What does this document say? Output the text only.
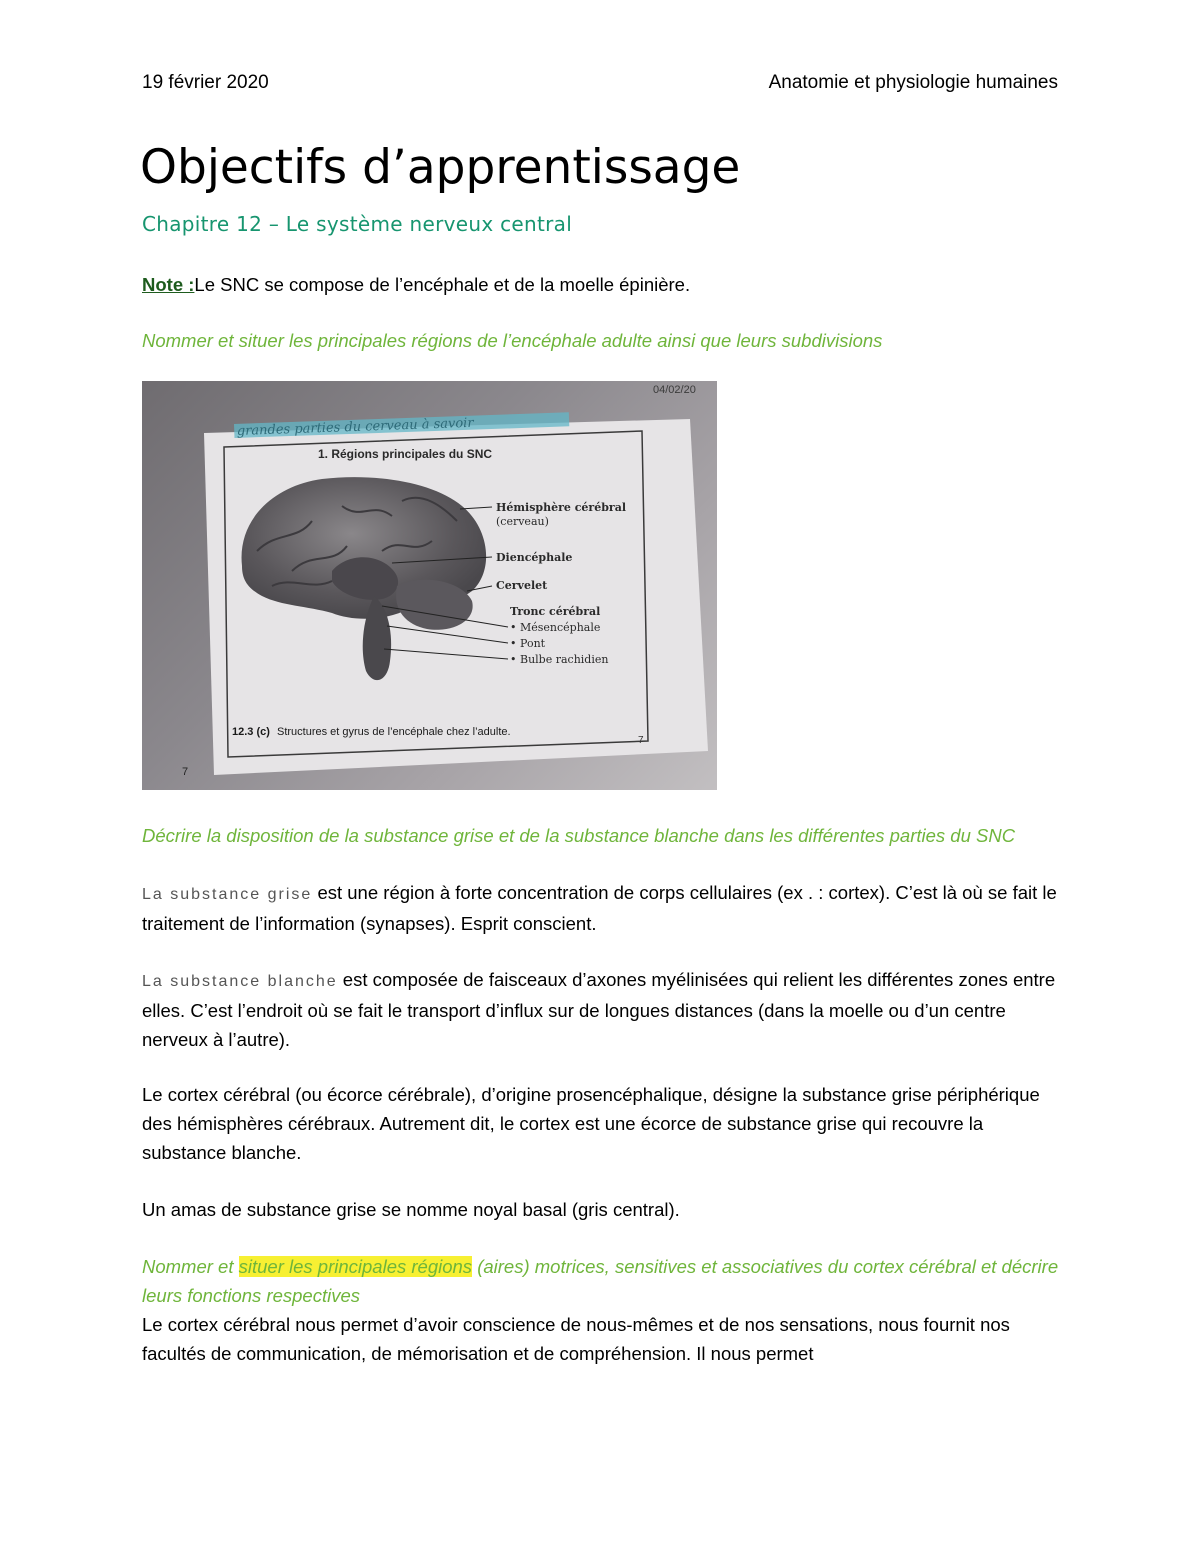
19 février 2020	Anatomie et physiologie humaines
Objectifs d’apprentissage
Chapitre 12 – Le système nerveux central
Note :Le SNC se compose de l’encéphale et de la moelle épinière.
Nommer et situer les principales régions de l’encéphale adulte ainsi que leurs subdivisions
grandes parties du cerveau à savoir
04/02/20
1. Régions principales du SNC
Hémisphère cérébral
(cerveau)
Diencéphale
Cervelet
Tronc cérébral
• Mésencéphale
• Pont
• Bulbe rachidien
12.3 (c) Structures et gyrus de l’encéphale chez l’adulte.
7
7
Décrire la disposition de la substance grise et de la substance blanche dans les différentes parties du SNC
La substance grise est une région à forte concentration de corps cellulaires (ex . : cortex). C’est là où se fait le traitement de l’information (synapses). Esprit conscient.
La substance blanche est composée de faisceaux d’axones myélinisées qui relient les différentes zones entre elles. C’est l’endroit où se fait le transport d’influx sur de longues distances (dans la moelle ou d’un centre nerveux à l’autre).
Le cortex cérébral (ou écorce cérébrale), d’origine prosencéphalique, désigne la substance grise périphérique des hémisphères cérébraux. Autrement dit, le cortex est une écorce de substance grise qui recouvre la substance blanche.
Un amas de substance grise se nomme noyal basal (gris central).
Nommer et situer les principales régions (aires) motrices, sensitives et associatives du cortex cérébral et décrire leurs fonctions respectives
Le cortex cérébral nous permet d’avoir conscience de nous-mêmes et de nos sensations, nous fournit nos facultés de communication, de mémorisation et de compréhension. Il nous permet
